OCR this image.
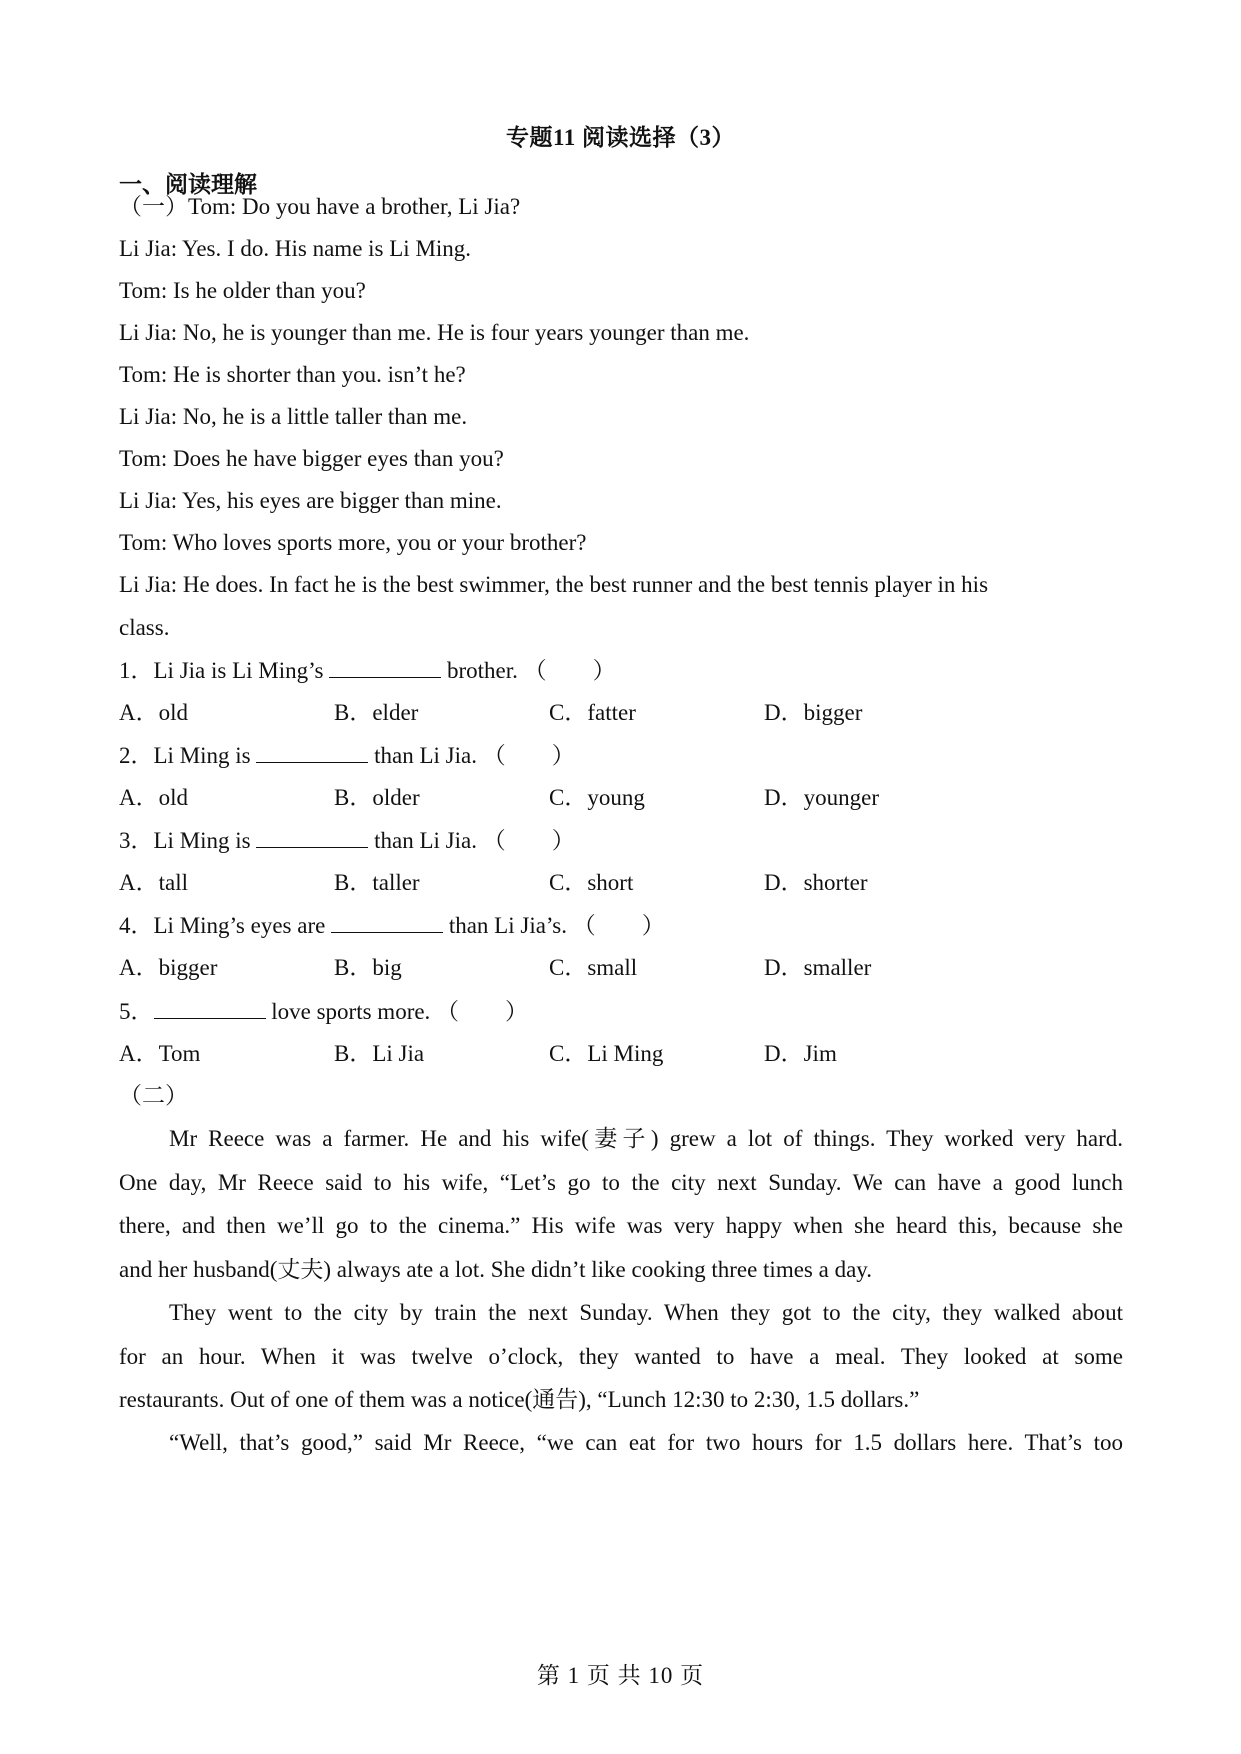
专题11 阅读选择（3）
一、阅读理解
（一）Tom: Do you have a brother, Li Jia?
Li Jia: Yes. I do. His name is Li Ming.
Tom: Is he older than you?
Li Jia: No, he is younger than me. He is four years younger than me.
Tom: He is shorter than you. isn’t he?
Li Jia: No, he is a little taller than me.
Tom: Does he have bigger eyes than you?
Li Jia: Yes, his eyes are bigger than mine.
Tom: Who loves sports more, you or your brother?
Li Jia: He does. In fact he is the best swimmer, the best runner and the best tennis player in his
class.
1．Li Jia is Li Ming’s	brother. （　　）
A．old	B．elder	C．fatter	D．bigger
2．Li Ming is	than Li Jia. （　　）
A．old	B．older	C．young	D．younger
3．Li Ming is	than Li Jia. （　　）
A．tall	B．taller	C．short	D．shorter
4．Li Ming’s eyes are	than Li Jia’s. （　　）
A．bigger	B．big	C．small	D．smaller
5．	love sports more. （　　）
A．Tom	B．Li Jia	C．Li Ming	D．Jim
（二）
Mr Reece was a farmer. He and his wife(妻子) grew a lot of things. They worked very hard.
One day, Mr Reece said to his wife, “Let’s go to the city next Sunday. We can have a good lunch
there, and then we’ll go to the cinema.” His wife was very happy when she heard this, because she
and her husband(丈夫) always ate a lot. She didn’t like cooking three times a day.
They went to the city by train the next Sunday. When they got to the city, they walked about
for an hour. When it was twelve o’clock, they wanted to have a meal. They looked at some
restaurants. Out of one of them was a notice(通告), “Lunch 12:30 to 2:30, 1.5 dollars.”
“Well, that’s good,” said Mr Reece, “we can eat for two hours for 1.5 dollars here. That’s too
第 1 页 共 10 页
